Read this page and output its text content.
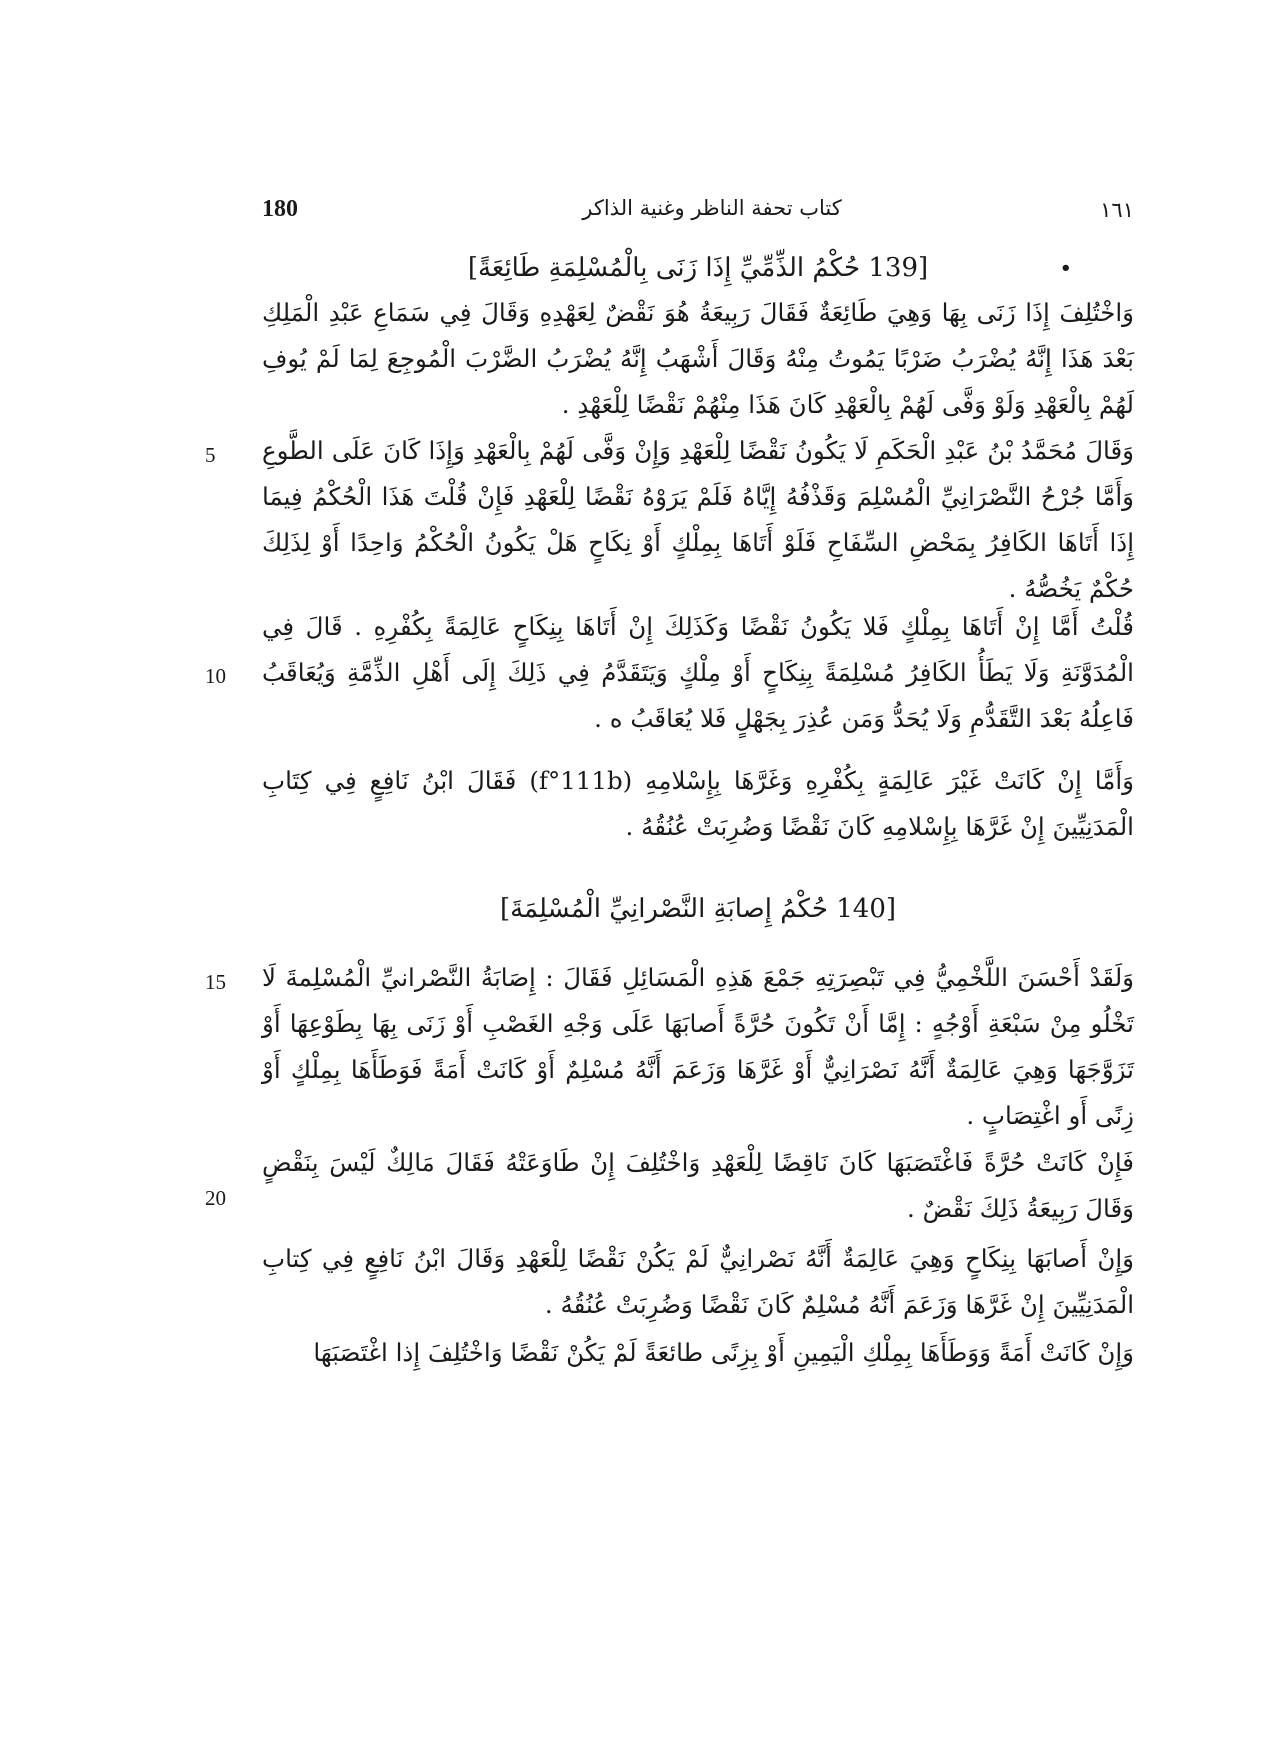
180	كتاب تحفة الناظر وغنية الذاكر	١٦١
•
[139 حُكْمُ الذِّمِّيِّ إِذَا زَنَى بِالْمُسْلِمَةِ طَائِعَةً]

وَاخْتُلِفَ إِذَا زَنَى بِهَا وَهِيَ طَائِعَةٌ فَقَالَ رَبِيعَةُ هُوَ نَقْضٌ لِعَهْدِهِ وَقَالَ فِي سَمَاعِ عَبْدِ الْمَلِكِ بَعْدَ هَذَا إِنَّهُ يُضْرَبُ ضَرْبًا يَمُوتُ مِنْهُ وَقَالَ أَشْهَبُ إِنَّهُ يُضْرَبُ الضَّرْبَ الْمُوجِعَ لِمَا لَمْ يُوفِ لَهُمْ بِالْعَهْدِ وَلَوْ وَفَّى لَهُمْ بِالْعَهْدِ كَانَ هَذَا مِنْهُمْ نَقْضًا لِلْعَهْدِ .

5 وَقَالَ مُحَمَّدُ بْنُ عَبْدِ الْحَكَمِ لَا يَكُونُ نَقْضًا لِلْعَهْدِ وَإِنْ وَفَّى لَهُمْ بِالْعَهْدِ وَإِذَا كَانَ عَلَى الطَّوعِ وَأَمَّا جُرْحُ النَّصْرَانِيِّ الْمُسْلِمَ وَقَذْفُهُ إِيَّاهُ فَلَمْ يَرَوْهُ نَقْضًا لِلْعَهْدِ فَإِنْ قُلْتَ هَذَا الْحُكْمُ فِيمَا إِذَا أَتَاهَا الكَافِرُ بِمَحْضِ السِّفَاحِ فَلَوْ أَتَاهَا بِمِلْكٍ أَوْ نِكَاحٍ هَلْ يَكُونُ الْحُكْمُ وَاحِدًا أَوْ لِذَلِكَ حُكْمٌ يَخُصُّهُ .

10

قُلْتُ أَمَّا إِنْ أَتَاهَا بِمِلْكٍ فَلا يَكُونُ نَقْضًا وَكَذَلِكَ إِنْ أَتَاهَا بِنِكَاحٍ عَالِمَةً بِكُفْرِهِ . قَالَ فِي الْمُدَوَّنَةِ وَلَا يَطَأُ الكَافِرُ مُسْلِمَةً بِنِكَاحٍ أَوْ مِلْكٍ وَيَتَقَدَّمُ فِي ذَلِكَ إِلَى أَهْلِ الذِّمَّةِ وَيُعَاقَبُ فَاعِلُهُ بَعْدَ التَّقَدُّمِ وَلَا يُحَدُّ وَمَن عُذِرَ بِجَهْلٍ فَلا يُعَاقَبُ ه .

وَأَمَّا إِنْ كَانَتْ غَيْرَ عَالِمَةٍ بِكُفْرِهِ وَغَرَّهَا بِإِسْلامِهِ (f°111b) فَقَالَ ابْنُ نَافِعٍ فِي كِتَابِ الْمَدَنِيِّينَ إِنْ غَرَّهَا بِإِسْلامِهِ كَانَ نَقْضًا وَضُرِبَتْ عُنُقُهُ .

[140 حُكْمُ إِصابَةِ النَّصْرانِيِّ الْمُسْلِمَةَ]
15 وَلَقَدْ أَحْسَنَ اللَّخْمِيُّ فِي تَبْصِرَتِهِ جَمْعَ هَذِهِ الْمَسَائِلِ فَقَالَ : إِصَابَةُ النَّصْرانيِّ الْمُسْلِمةَ لَا تَخْلُو مِنْ سَبْعَةِ أَوْجُهٍ : إِمَّا أَنْ تَكُونَ حُرَّةً أَصابَهَا عَلَى وَجْهِ الغَصْبِ أَوْ زَنَى بِهَا بِطَوْعِهَا أَوْ تَزَوَّجَهَا وَهِيَ عَالِمَةٌ أَنَّهُ نَصْرَانِيٌّ أَوْ غَرَّهَا وَزَعَمَ أَنَّهُ مُسْلِمٌ أَوْ كَانَتْ أَمَةً فَوَطَأَهَا بِمِلْكٍ أَوْ زِنًى أَو اغْتِصَابٍ .

20

فَإِنْ كَانَتْ حُرَّةً فَاغْتَصَبَهَا كَانَ نَاقِضًا لِلْعَهْدِ وَاخْتُلِفَ إِنْ طَاوَعَتْهُ فَقَالَ مَالِكٌ لَيْسَ بِنَقْضٍ وَقَالَ رَبِيعَةُ ذَلِكَ نَقْضٌ .

وَإِنْ أَصابَهَا بِنِكَاحٍ وَهِيَ عَالِمَةٌ أَنَّهُ نَصْرانِيٌّ لَمْ يَكُنْ نَقْضًا لِلْعَهْدِ وَقَالَ ابْنُ نَافِعٍ فِي كِتابِ الْمَدَنِيِّينَ إِنْ غَرَّهَا وَزَعَمَ أَنَّهُ مُسْلِمٌ كَانَ نَقْضًا وَضُرِبَتْ عُنُقُهُ .

وَإِنْ كَانَتْ أَمَةً وَوَطَأَهَا بِمِلْكِ الْيَمِينِ أَوْ بِزِنًى طائعَةً لَمْ يَكُنْ نَقْضًا وَاخْتُلِفَ إِذا اغْتَصَبَهَا
